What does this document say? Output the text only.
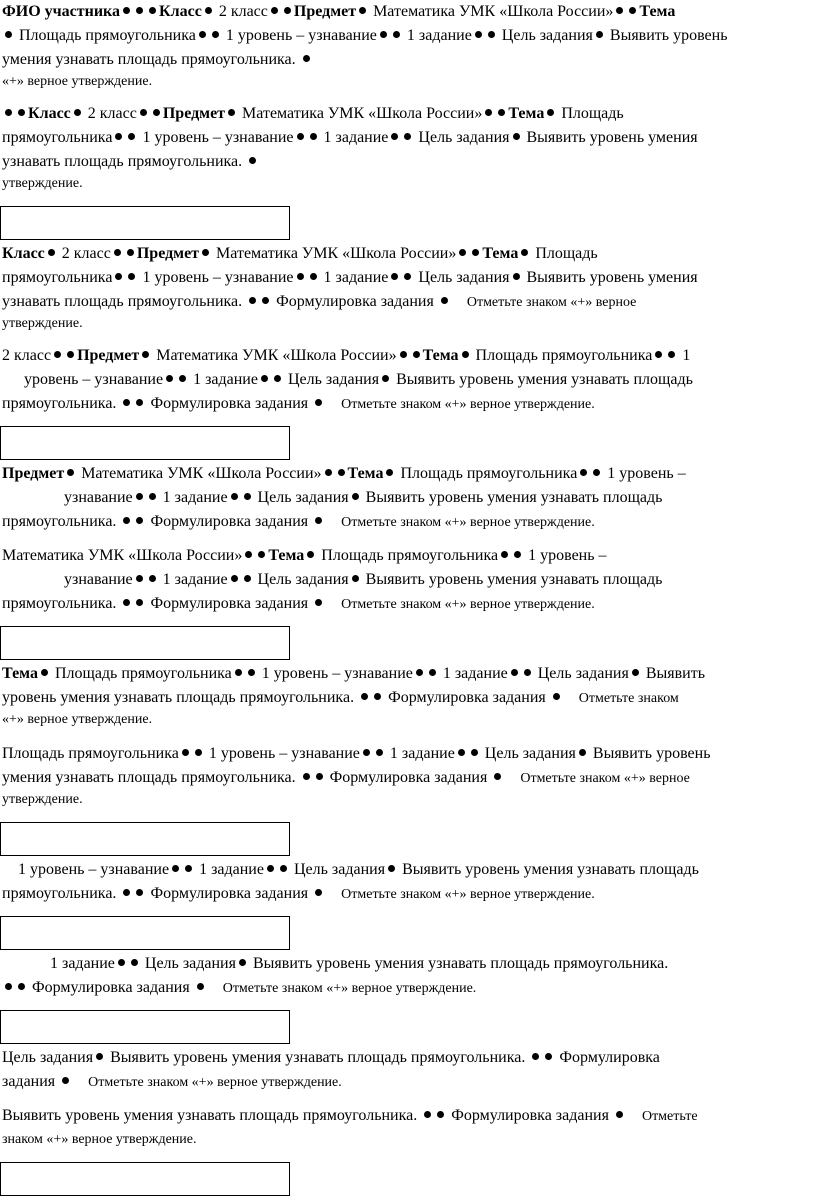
ФИО участника Класс 2 класс Предмет Математика УМК «Школа России» Тема
Площадь прямоугольника 1 уровень – узнавание 1 задание Цель задания Выявить уровень
умения узнавать площадь прямоугольника.
«+» верное утверждение.
Класс 2 класс Предмет Математика УМК «Школа России» Тема Площадь
прямоугольника 1 уровень – узнавание 1 задание Цель задания Выявить уровень умения
узнавать площадь прямоугольника.
утверждение.
Класс 2 класс Предмет Математика УМК «Школа России» Тема Площадь
прямоугольника 1 уровень – узнавание 1 задание Цель задания Выявить уровень умения
узнавать площадь прямоугольника. Формулировка задания Отметьте знаком «+» верное
утверждение.
2 класс Предмет Математика УМК «Школа России» Тема Площадь прямоугольника 1
уровень – узнавание 1 задание Цель задания Выявить уровень умения узнавать площадь
прямоугольника. Формулировка задания Отметьте знаком «+» верное утверждение.
Предмет Математика УМК «Школа России» Тема Площадь прямоугольника 1 уровень –
узнавание 1 задание Цель задания Выявить уровень умения узнавать площадь
прямоугольника. Формулировка задания Отметьте знаком «+» верное утверждение.
Математика УМК «Школа России» Тема Площадь прямоугольника 1 уровень –
узнавание 1 задание Цель задания Выявить уровень умения узнавать площадь
прямоугольника. Формулировка задания Отметьте знаком «+» верное утверждение.
Тема Площадь прямоугольника 1 уровень – узнавание 1 задание Цель задания Выявить
уровень умения узнавать площадь прямоугольника. Формулировка задания Отметьте знаком
«+» верное утверждение.
Площадь прямоугольника 1 уровень – узнавание 1 задание Цель задания Выявить уровень
умения узнавать площадь прямоугольника. Формулировка задания Отметьте знаком «+» верное
утверждение.
1 уровень – узнавание 1 задание Цель задания Выявить уровень умения узнавать площадь
прямоугольника. Формулировка задания Отметьте знаком «+» верное утверждение.
1 задание Цель задания Выявить уровень умения узнавать площадь прямоугольника.
Формулировка задания Отметьте знаком «+» верное утверждение.
Цель задания Выявить уровень умения узнавать площадь прямоугольника. Формулировка
задания Отметьте знаком «+» верное утверждение.
Выявить уровень умения узнавать площадь прямоугольника. Формулировка задания Отметьте
знаком «+» верное утверждение.
